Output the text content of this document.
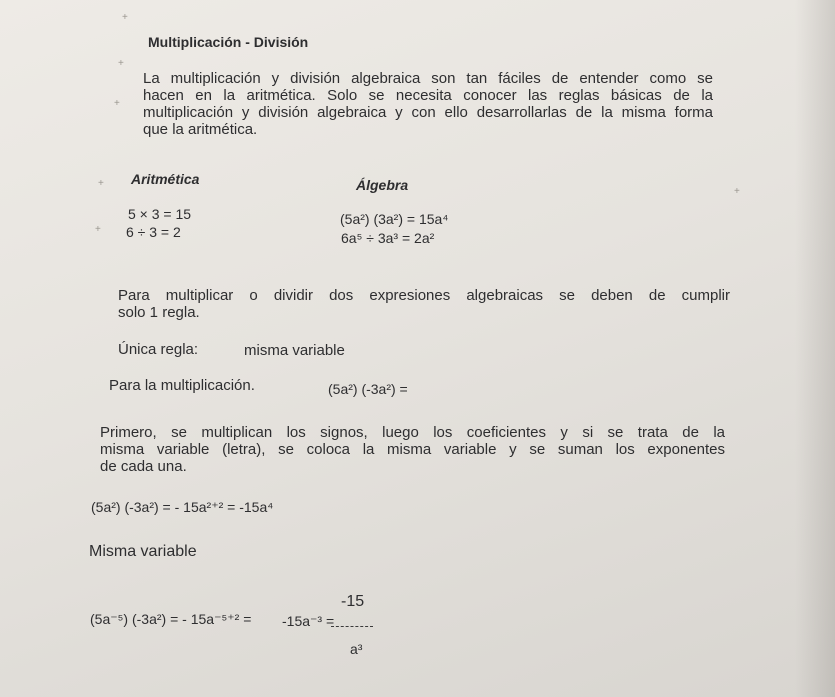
+
+
+
+
+
+
Multiplicación - División
La multiplicación y división algebraica son tan fáciles de entender como se
hacen en la aritmética. Solo se necesita conocer las reglas básicas de la
multiplicación y división algebraica y con ello desarrollarlas de la misma forma
que la aritmética.
Aritmética	Álgebra
5 × 3 = 15
6 ÷ 3 = 2
(5a²) (3a²) = 15a⁴
6a⁵ ÷ 3a³ = 2a²
Para multiplicar o dividir dos expresiones algebraicas se deben de cumplir
solo 1 regla.
Única regla:	misma variable
Para la multiplicación.	(5a²) (-3a²) =
Primero, se multiplican los signos, luego los coeficientes y si se trata de la
misma variable (letra), se coloca la misma variable y se suman los exponentes
de cada una.
(5a²) (-3a²) = - 15a²⁺² = -15a⁴
Misma variable
(5a⁻⁵) (-3a²) = - 15a⁻⁵⁺² = -15a⁻³ =
-15
a³
